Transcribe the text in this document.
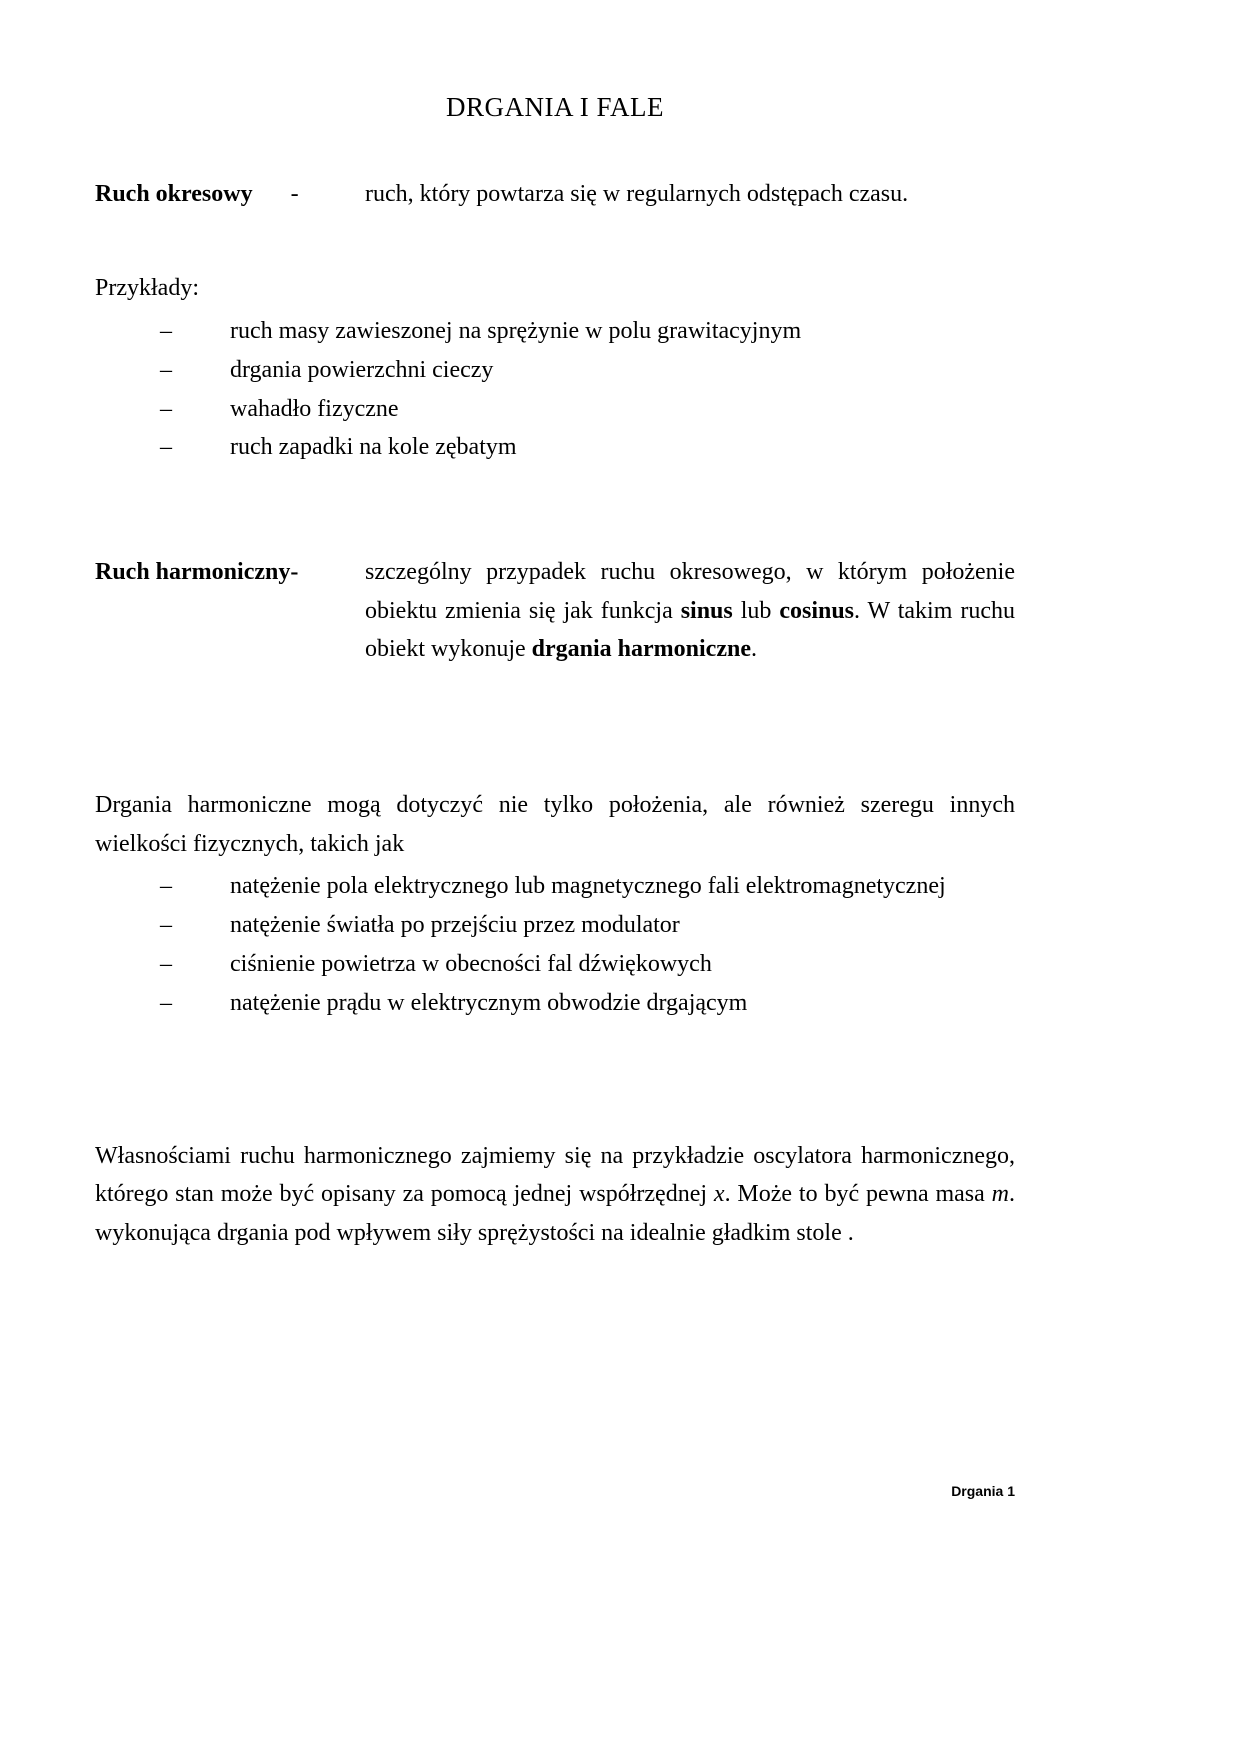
DRGANIA I FALE
Ruch okresowy -	ruch, który powtarza się w regularnych odstępach czasu.
Przykłady:
–	ruch masy zawieszonej na sprężynie w polu grawitacyjnym
–	drgania powierzchni cieczy
–	wahadło fizyczne
–	ruch zapadki na kole zębatym
Ruch harmoniczny-	szczególny przypadek ruchu okresowego, w którym położenie obiektu zmienia się jak funkcja sinus lub cosinus. W takim ruchu obiekt wykonuje drgania harmoniczne.
Drgania harmoniczne mogą dotyczyć nie tylko położenia, ale również szeregu innych wielkości fizycznych, takich jak
–	natężenie pola elektrycznego lub magnetycznego fali elektromagnetycznej
–	natężenie światła po przejściu przez modulator
–	ciśnienie powietrza w obecności fal dźwiękowych
–	natężenie prądu w elektrycznym obwodzie drgającym
Własnościami ruchu harmonicznego zajmiemy się na przykładzie oscylatora harmonicznego, którego stan może być opisany za pomocą jednej współrzędnej x. Może to być pewna masa m. wykonująca drgania pod wpływem siły sprężystości na idealnie gładkim stole .
Drgania 1
